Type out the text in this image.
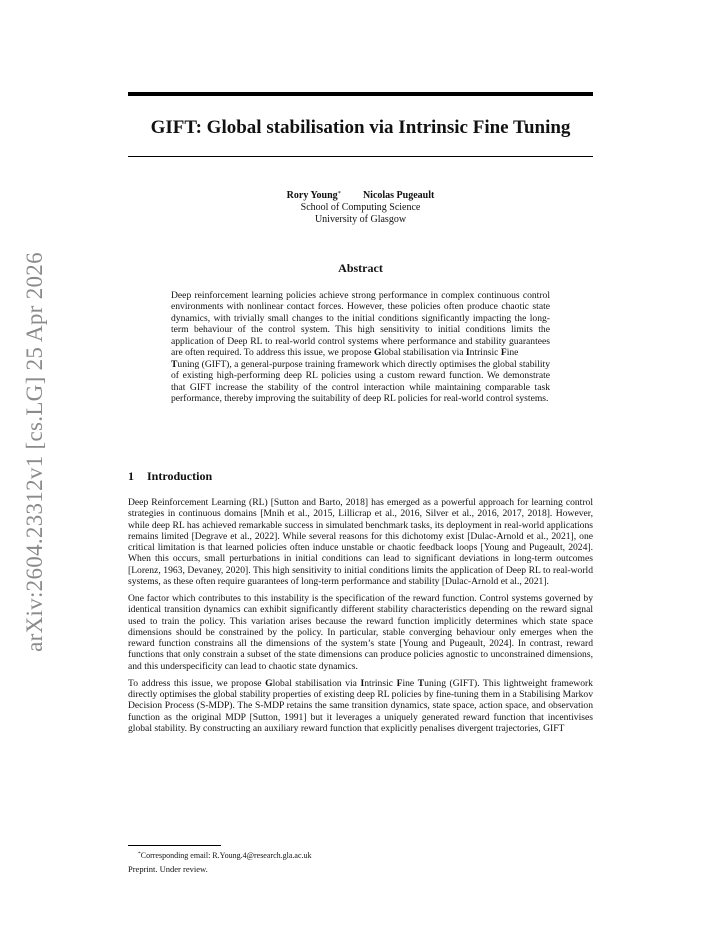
arXiv:2604.23312v1 [cs.LG] 25 Apr 2026
GIFT: Global stabilisation via Intrinsic Fine Tuning
Rory Young* Nicolas Pugeault
School of Computing Science
University of Glasgow
Abstract

Deep reinforcement learning policies achieve strong performance in complex continuous control environments with nonlinear contact forces. However, these policies often produce chaotic state dynamics, with trivially small changes to the initial conditions significantly impacting the long-term behaviour of the control system. This high sensitivity to initial conditions limits the application of Deep RL to real-world control systems where performance and stability guarantees are often required. To address this issue, we propose Global stabilisation via Intrinsic Fine
Tuning (GIFT), a general-purpose training framework which directly optimises the global stability of existing high-performing deep RL policies using a custom reward function. We demonstrate that GIFT increase the stability of the control interaction while maintaining comparable task performance, thereby improving the suitability of deep RL policies for real-world control systems.

1 Introduction

Deep Reinforcement Learning (RL) [Sutton and Barto, 2018] has emerged as a powerful approach for learning control strategies in continuous domains [Mnih et al., 2015, Lillicrap et al., 2016, Silver et al., 2016, 2017, 2018]. However, while deep RL has achieved remarkable success in simulated benchmark tasks, its deployment in real-world applications remains limited [Degrave et al., 2022]. While several reasons for this dichotomy exist [Dulac-Arnold et al., 2021], one critical limitation is that learned policies often induce unstable or chaotic feedback loops [Young and Pugeault, 2024]. When this occurs, small perturbations in initial conditions can lead to significant deviations in long-term outcomes [Lorenz, 1963, Devaney, 2020]. This high sensitivity to initial conditions limits the application of Deep RL to real-world systems, as these often require guarantees of long-term performance and stability [Dulac-Arnold et al., 2021].

One factor which contributes to this instability is the specification of the reward function. Control systems governed by identical transition dynamics can exhibit significantly different stability characteristics depending on the reward signal used to train the policy. This variation arises because the reward function implicitly determines which state space dimensions should be constrained by the policy. In particular, stable converging behaviour only emerges when the reward function constrains all the dimensions of the system’s state [Young and Pugeault, 2024]. In contrast, reward functions that only constrain a subset of the state dimensions can produce policies agnostic to unconstrained dimensions, and this underspecificity can lead to chaotic state dynamics.

To address this issue, we propose Global stabilisation via Intrinsic Fine Tuning (GIFT). This lightweight framework directly optimises the global stability properties of existing deep RL policies by fine-tuning them in a Stabilising Markov Decision Process (S-MDP). The S-MDP retains the same transition dynamics, state space, action space, and observation function as the original MDP [Sutton, 1991] but it leverages a uniquely generated reward function that incentivises global stability. By constructing an auxiliary reward function that explicitly penalises divergent trajectories, GIFT

*Corresponding email: R.Young.4@research.gla.ac.uk
Preprint. Under review.
